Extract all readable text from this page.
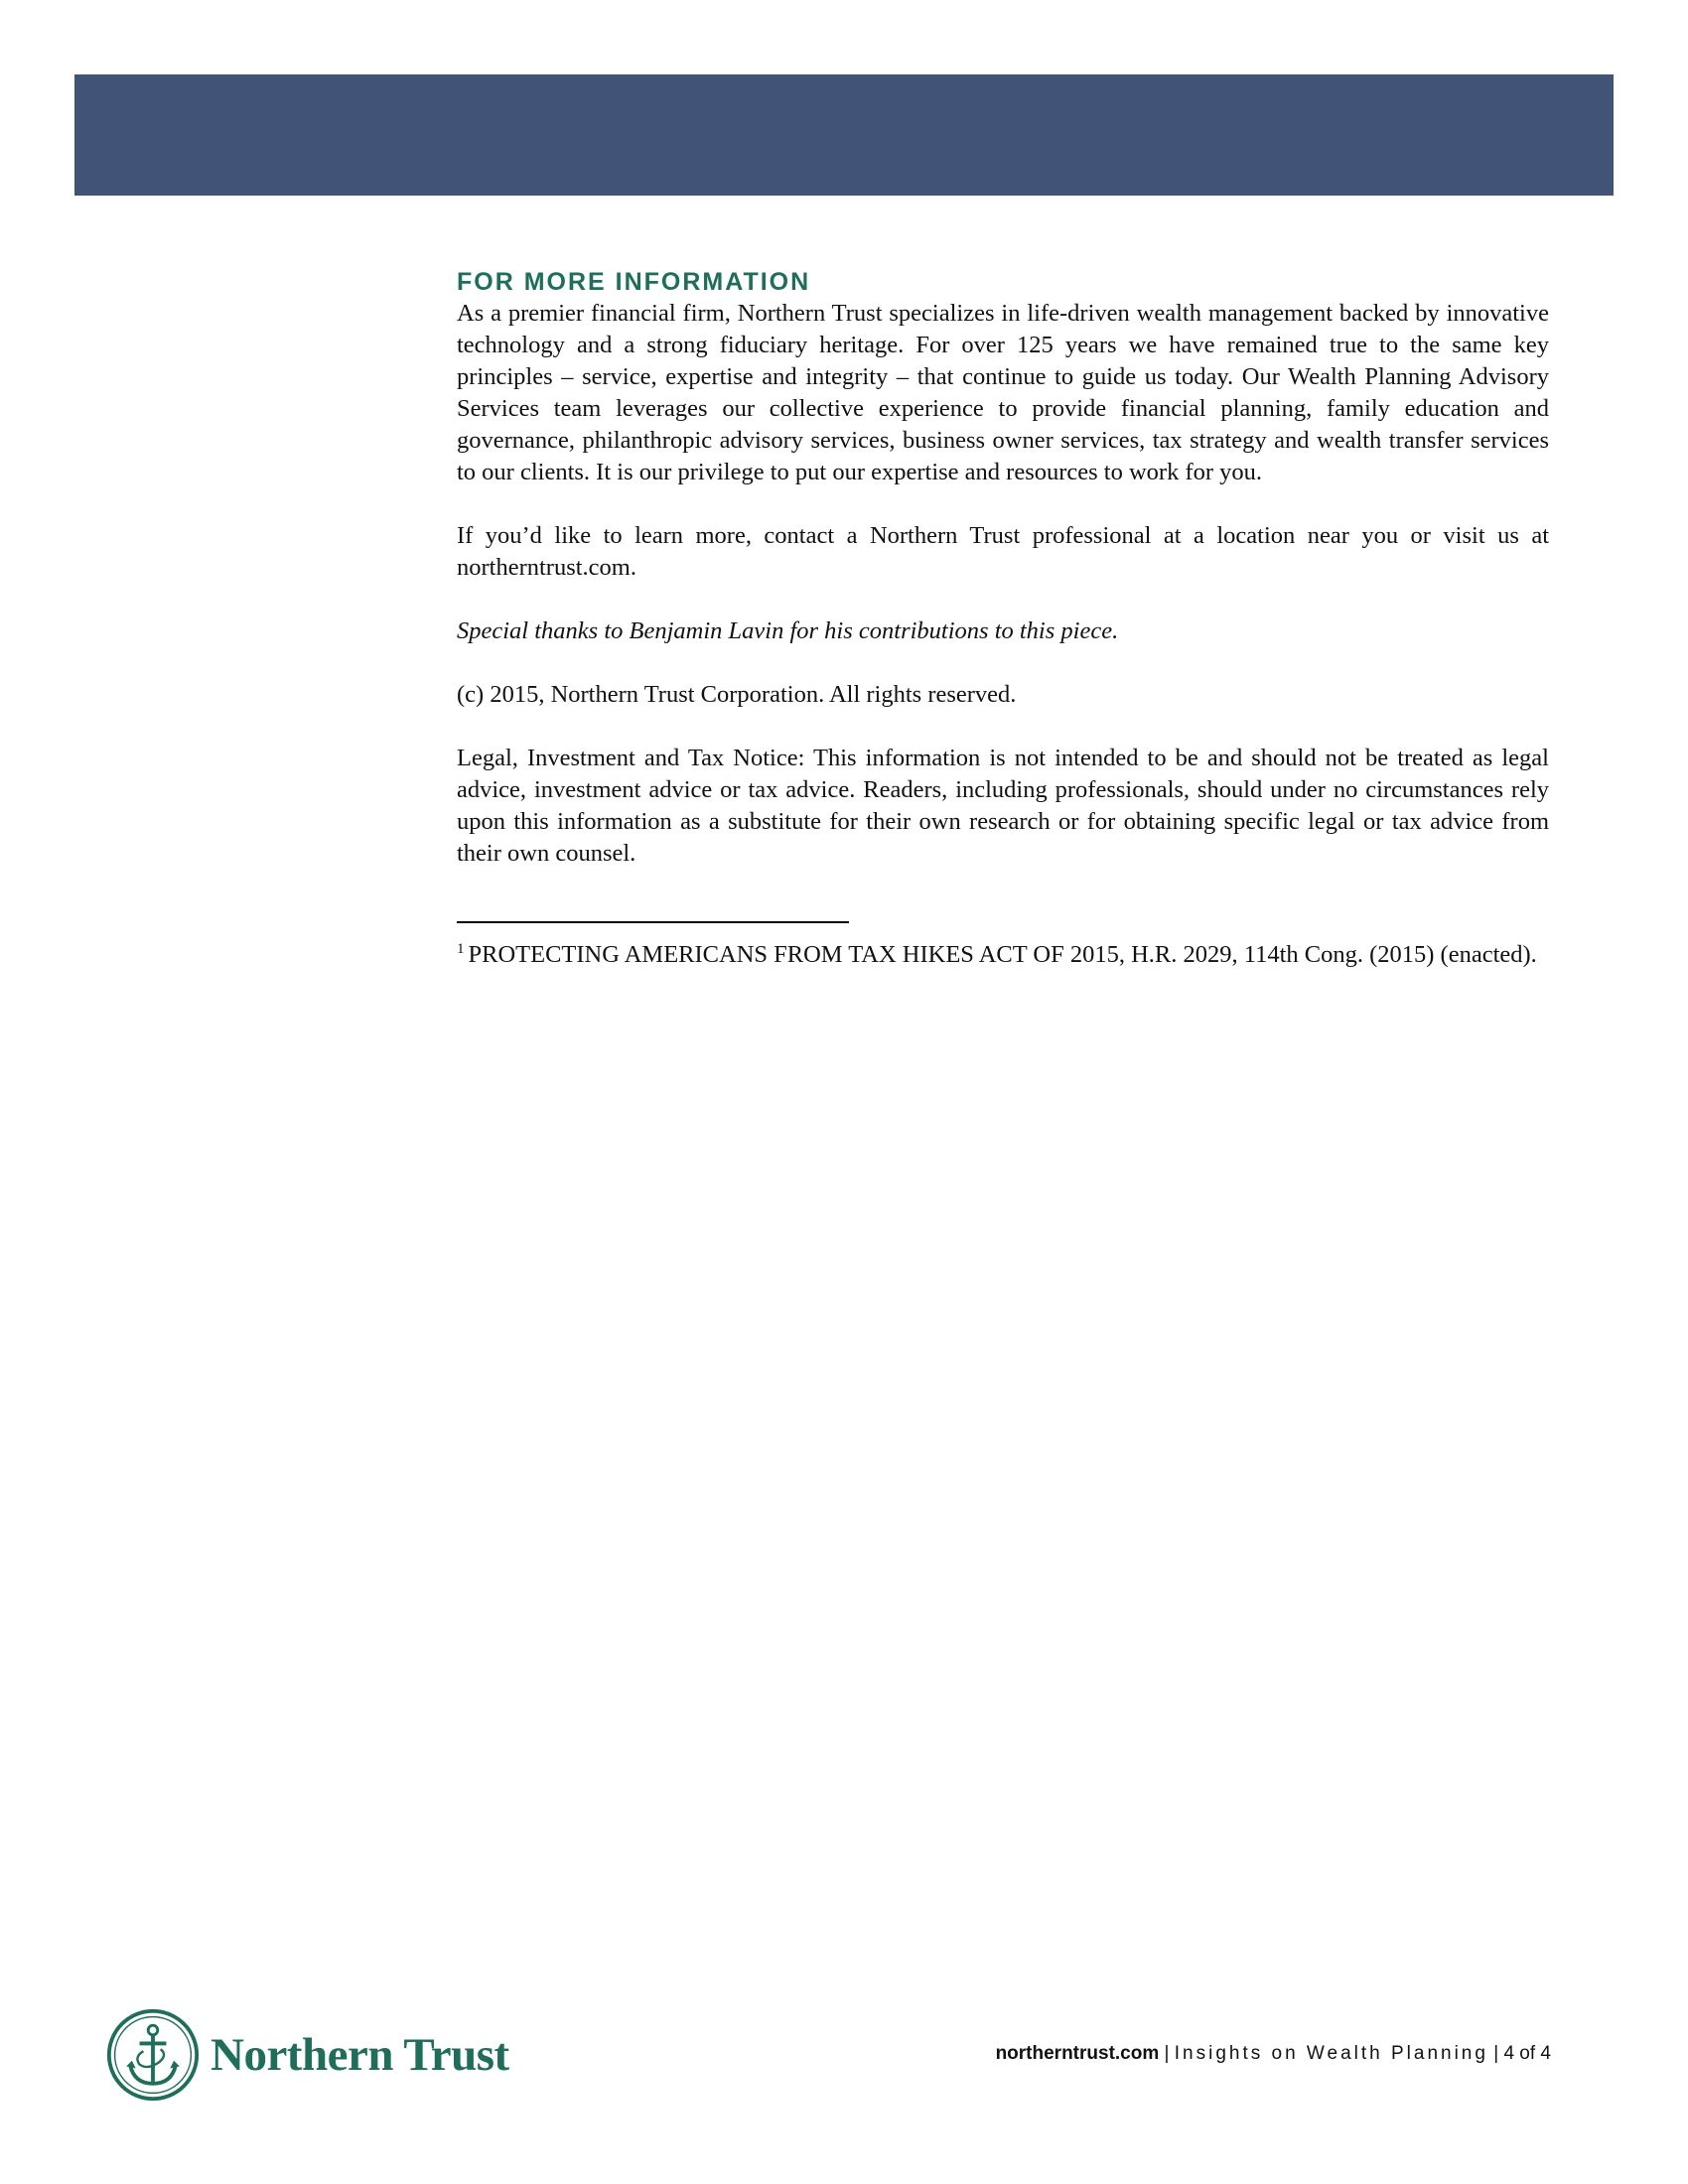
FOR MORE INFORMATION

As a premier financial firm, Northern Trust specializes in life-driven wealth management backed by innovative technology and a strong fiduciary heritage. For over 125 years we have remained true to the same key principles – service, expertise and integrity – that continue to guide us today. Our Wealth Planning Advisory Services team leverages our collective experience to provide financial planning, family education and governance, philanthropic advisory services, business owner services, tax strategy and wealth transfer services to our clients. It is our privilege to put our expertise and resources to work for you.

If you’d like to learn more, contact a Northern Trust professional at a location near you or visit us at northerntrust.com.

Special thanks to Benjamin Lavin for his contributions to this piece.

(c) 2015, Northern Trust Corporation. All rights reserved.

Legal, Investment and Tax Notice: This information is not intended to be and should not be treated as legal advice, investment advice or tax advice. Readers, including professionals, should under no circumstances rely upon this information as a substitute for their own research or for obtaining specific legal or tax advice from their own counsel.

$^1$ PROTECTING AMERICANS FROM TAX HIKES ACT OF 2015, H.R. 2029, 114th Cong. (2015) (enacted).
Northern Trust	northerntrust.com | Insights on Wealth Planning | 4 of 4
